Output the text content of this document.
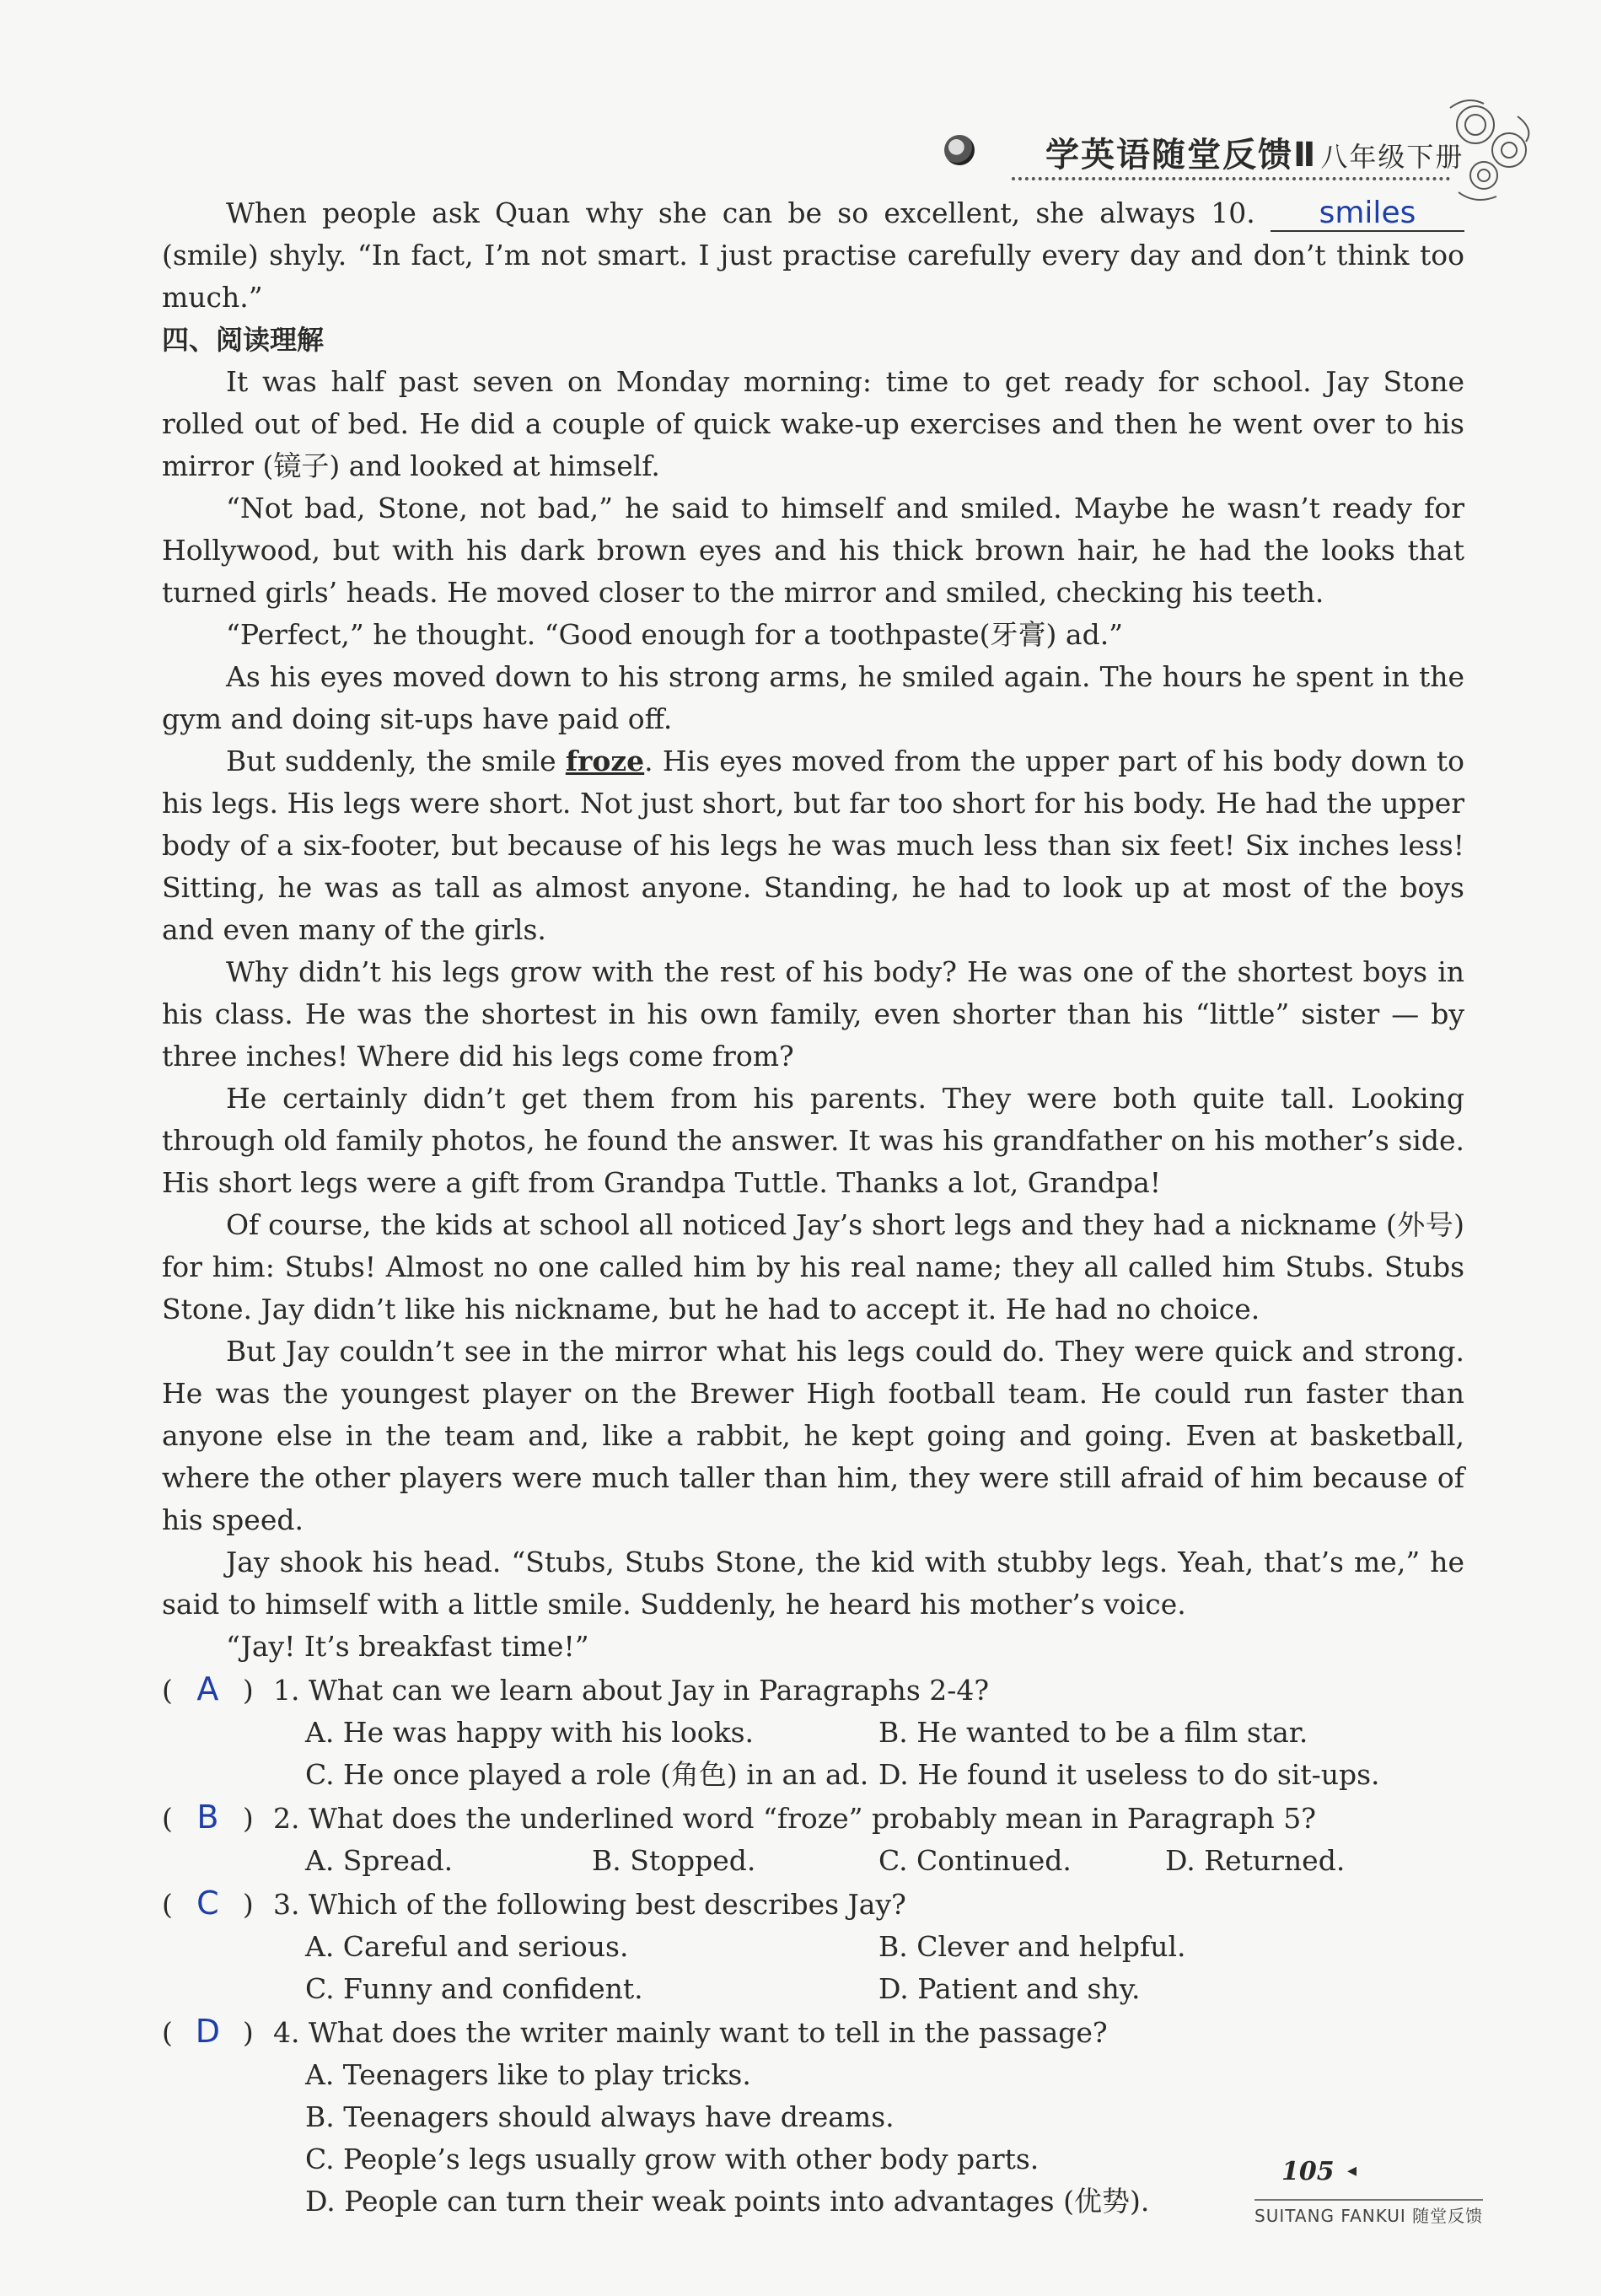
学英语随堂反馈Ⅱ 八年级下册

When people ask Quan why she can be so excellent, she always 10. smiles (smile) shyly. “In fact, I’m not smart. I just practise carefully every day and don’t think too much.”

四、阅读理解

It was half past seven on Monday morning: time to get ready for school. Jay Stone rolled out of bed. He did a couple of quick wake-up exercises and then he went over to his mirror (镜子) and looked at himself.

“Not bad, Stone, not bad,” he said to himself and smiled. Maybe he wasn’t ready for Hollywood, but with his dark brown eyes and his thick brown hair, he had the looks that turned girls’ heads. He moved closer to the mirror and smiled, checking his teeth.

“Perfect,” he thought. “Good enough for a toothpaste(牙膏) ad.”

As his eyes moved down to his strong arms, he smiled again. The hours he spent in the gym and doing sit-ups have paid off.

But suddenly, the smile froze. His eyes moved from the upper part of his body down to his legs. His legs were short. Not just short, but far too short for his body. He had the upper body of a six-footer, but because of his legs he was much less than six feet! Six inches less! Sitting, he was as tall as almost anyone. Standing, he had to look up at most of the boys and even many of the girls.

Why didn’t his legs grow with the rest of his body? He was one of the shortest boys in his class. He was the shortest in his own family, even shorter than his “little” sister — by three inches! Where did his legs come from?

He certainly didn’t get them from his parents. They were both quite tall. Looking through old family photos, he found the answer. It was his grandfather on his mother’s side. His short legs were a gift from Grandpa Tuttle. Thanks a lot, Grandpa!

Of course, the kids at school all noticed Jay’s short legs and they had a nickname (外号) for him: Stubs! Almost no one called him by his real name; they all called him Stubs. Stubs Stone. Jay didn’t like his nickname, but he had to accept it. He had no choice.

But Jay couldn’t see in the mirror what his legs could do. They were quick and strong. He was the youngest player on the Brewer High football team. He could run faster than anyone else in the team and, like a rabbit, he kept going and going. Even at basketball, where the other players were much taller than him, they were still afraid of him because of his speed.

Jay shook his head. “Stubs, Stubs Stone, the kid with stubby legs. Yeah, that’s me,” he said to himself with a little smile. Suddenly, he heard his mother’s voice.

“Jay! It’s breakfast time!”

( A ) 1. What can we learn about Jay in Paragraphs 2-4?

A. He was happy with his looks.	B. He wanted to be a film star.
C. He once played a role (角色) in an ad. D. He found it useless to do sit-ups.

( B ) 2. What does the underlined word “froze” probably mean in Paragraph 5?

A. Spread.	B. Stopped.	C. Continued.	D. Returned.

( C ) 3. Which of the following best describes Jay?

A. Careful and serious.	B. Clever and helpful.
C. Funny and confident.	D. Patient and shy.

( D ) 4. What does the writer mainly want to tell in the passage?

A. Teenagers like to play tricks.
B. Teenagers should always have dreams.
C. People’s legs usually grow with other body parts.
D. People can turn their weak points into advantages (优势).
105 ◂
SUITANG FANKUI 随堂反馈
